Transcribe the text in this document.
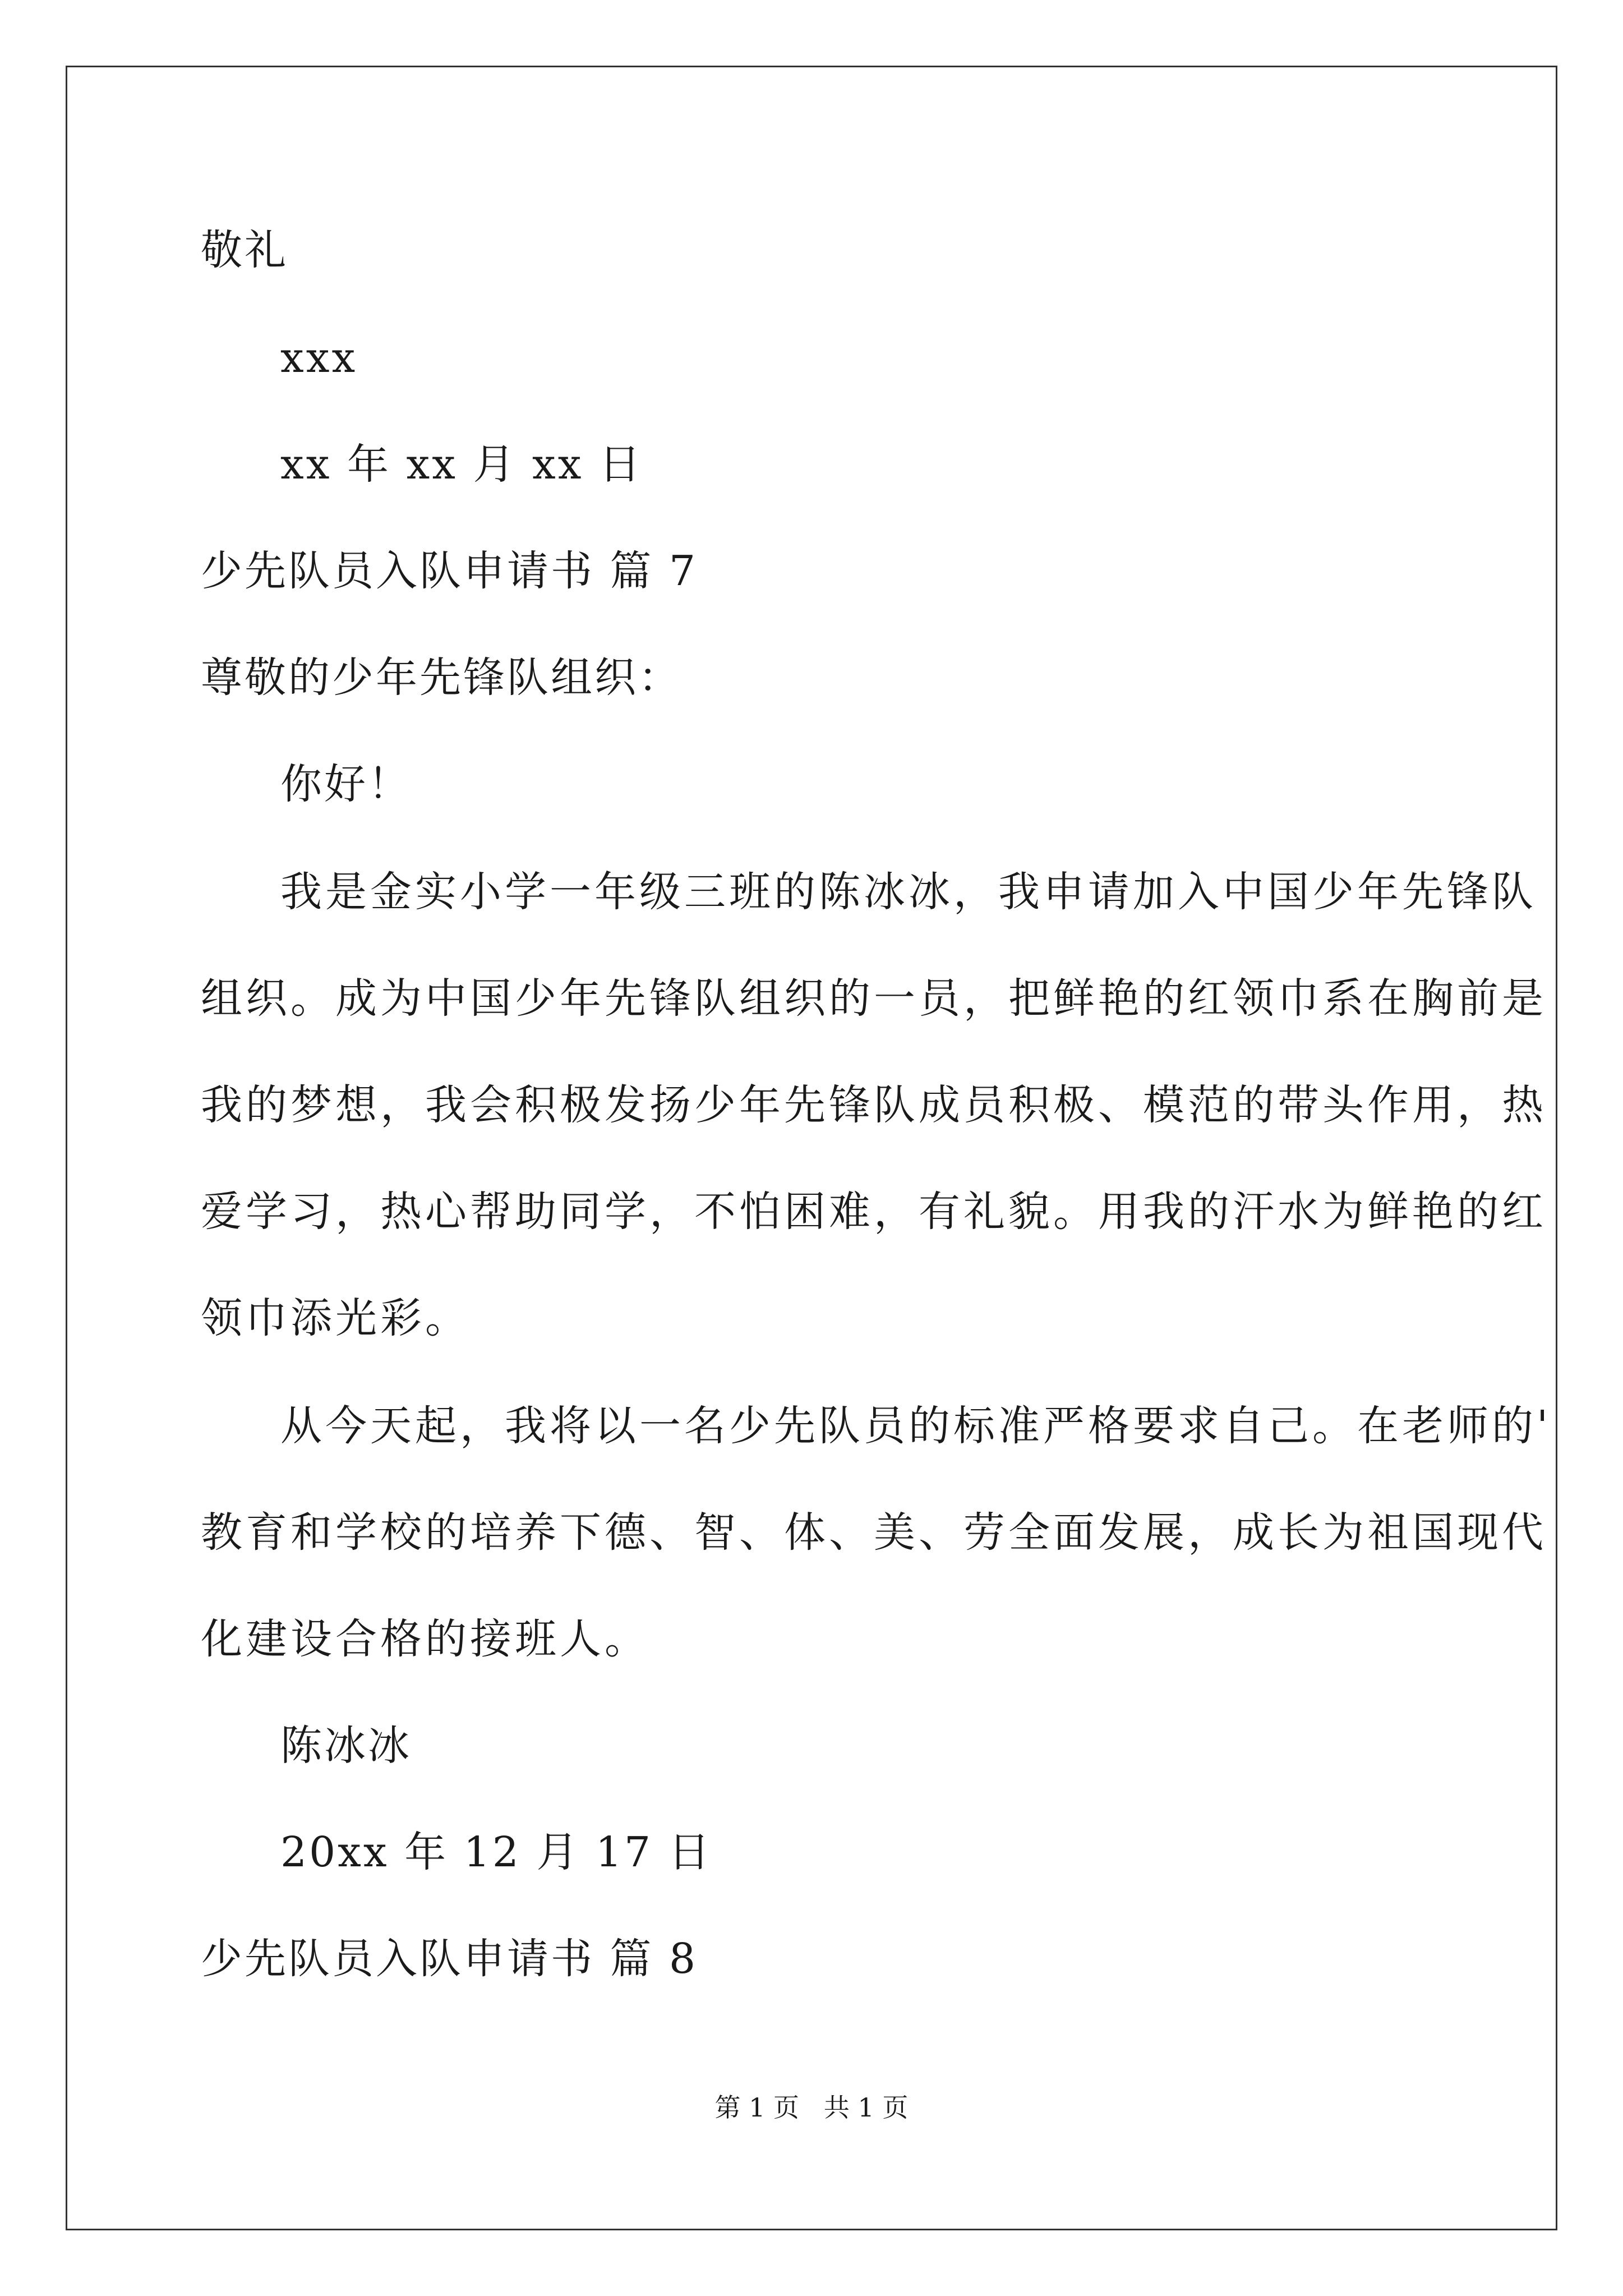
敬礼
xxx
xx 年 xx 月 xx 日
少先队员入队申请书 篇 7
尊敬的少年先锋队组织：
你好！
我是金实小学一年级三班的陈冰冰，我申请加入中国少年先锋队
组织。成为中国少年先锋队组织的一员，把鲜艳的红领巾系在胸前是
我的梦想，我会积极发扬少年先锋队成员积极、模范的带头作用，热
爱学习，热心帮助同学，不怕困难，有礼貌。用我的汗水为鲜艳的红
领巾添光彩。
从今天起，我将以一名少先队员的标准严格要求自己。在老师的'
教育和学校的培养下德、智、体、美、劳全面发展，成长为祖国现代
化建设合格的接班人。
陈冰冰
20xx 年 12 月 17 日
少先队员入队申请书 篇 8
第 1 页   共 1 页
